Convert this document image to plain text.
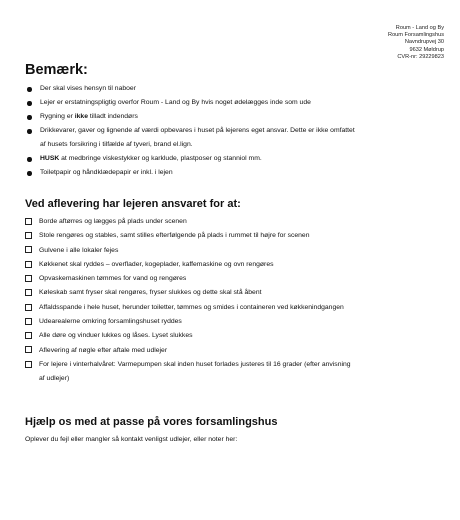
Roum - Land og By
Roum Forsamlingshus
Navndrupvej 30
9632 Møldrup
CVR-nr: 29229823
Bemærk:
Der skal vises hensyn til naboer
Lejer er erstatningspligtig overfor Roum - Land og By hvis noget ødelægges inde som ude
Rygning er ikke tilladt indendørs
Drikkevarer, gaver og lignende af værdi opbevares i huset på lejerens eget ansvar. Dette er ikke omfattet
af husets forsikring i tilfælde af tyveri, brand el.lign.
HUSK at medbringe viskestykker og karklude, plastposer og stanniol mm.
Toiletpapir og håndklædepapir er inkl. i lejen
Ved aflevering har lejeren ansvaret for at:
Borde aftørres og lægges på plads under scenen
Stole rengøres og stables, samt stilles efterfølgende på plads i rummet til højre for scenen
Gulvene i alle lokaler fejes
Køkkenet skal ryddes – overflader, kogeplader, kaffemaskine og ovn rengøres
Opvaskemaskinen tømmes for vand og rengøres
Køleskab samt fryser skal rengøres, fryser slukkes og dette skal stå åbent
Affaldsspande i hele huset, herunder toiletter, tømmes og smides i containeren ved køkkenindgangen
Udearealerne omkring forsamlingshuset ryddes
Alle døre og vinduer lukkes og låses. Lyset slukkes
Aflevering af nøgle efter aftale med udlejer
For lejere i vinterhalvåret: Varmepumpen skal inden huset forlades justeres til 16 grader (efter anvisning
af udlejer)
Hjælp os med at passe på vores forsamlingshus
Oplever du fejl eller mangler så kontakt venligst udlejer, eller noter her:
